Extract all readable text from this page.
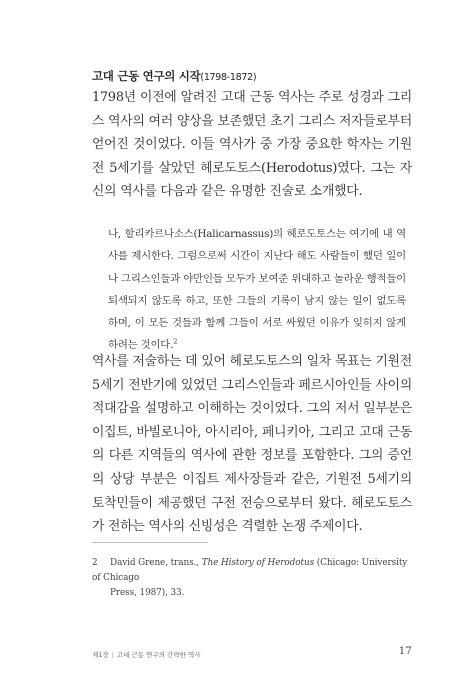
고대 근동 연구의 시작(1798-1872)

1798년 이전에 알려진 고대 근동 역사는 주로 성경과 그리스 역사의 여러 양상을 보존했던 초기 그리스 저자들로부터 얻어진 것이었다. 이들 역사가 중 가장 중요한 학자는 기원전 5세기를 살았던 헤로도토스(Herodotus)였다. 그는 자신의 역사를 다음과 같은 유명한 진술로 소개했다.

나, 할리카르나소스(Halicarnassus)의 헤로도토스는 여기에 내 역사를 제시한다. 그럼으로써 시간이 지난다 해도 사람들이 했던 일이나 그리스인들과 야만인들 모두가 보여준 위대하고 놀라운 행적들이 퇴색되지 않도록 하고, 또한 그들의 기록이 남지 않는 일이 없도록 하며, 이 모든 것들과 함께 그들이 서로 싸웠던 이유가 잊히지 않게 하려는 것이다.$^2$

역사를 저술하는 데 있어 헤로도토스의 일차 목표는 기원전 5세기 전반기에 있었던 그리스인들과 페르시아인들 사이의 적대감을 설명하고 이해하는 것이었다. 그의 저서 일부분은 이집트, 바빌로니아, 아시리아, 페니키아, 그리고 고대 근동의 다른 지역들의 역사에 관한 정보를 포함한다. 그의 증언의 상당 부분은 이집트 제사장들과 같은, 기원전 5세기의 토착민들이 제공했던 구전 전승으로부터 왔다. 헤로도토스가 전하는 역사의 신빙성은 격렬한 논쟁 주제이다.

2 David Grene, trans., The History of Herodotus (Chicago: University of Chicago
Press, 1987), 33.
제1장 | 고대 근동 연구의 간략한 역사	17
